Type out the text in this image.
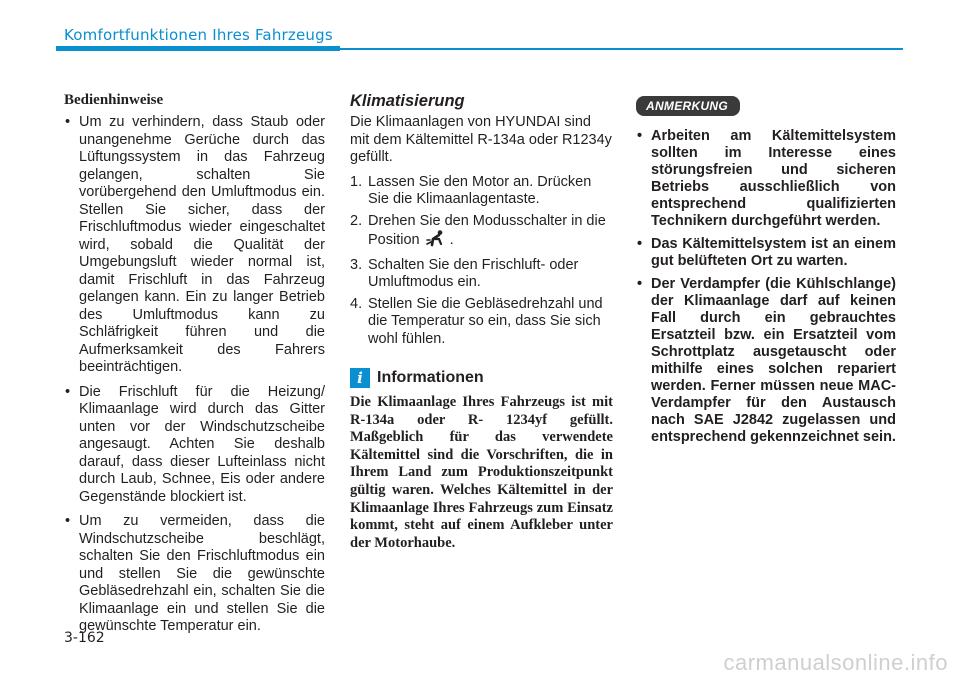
Komfortfunktionen Ihres Fahrzeugs
Bedienhinweise
• Um zu verhindern, dass Staub oder unangenehme Gerüche durch das Lüftungssystem in das Fahrzeug gelangen, schalten Sie vorübergehend den Umluftmodus ein. Stellen Sie sicher, dass der Frischluftmodus wieder eingeschaltet wird, sobald die Qualität der Umgebungsluft wieder normal ist, damit Frischluft in das Fahrzeug gelangen kann. Ein zu langer Betrieb des Umluftmodus kann zu Schläfrigkeit führen und die Aufmerksamkeit des Fahrers beeinträchtigen.
• Die Frischluft für die Heizung/ Klimaanlage wird durch das Gitter unten vor der Windschutzscheibe angesaugt. Achten Sie deshalb darauf, dass dieser Lufteinlass nicht durch Laub, Schnee, Eis oder andere Gegenstände blockiert ist.
• Um zu vermeiden, dass die Windschutzscheibe beschlägt, schalten Sie den Frischluftmodus ein und stellen Sie die gewünschte Gebläsedrehzahl ein, schalten Sie die Klimaanlage ein und stellen Sie die gewünschte Temperatur ein.
Klimatisierung

Die Klimaanlagen von HYUNDAI sind mit dem Kältemittel R-134a oder R1234y gefüllt.

1. Lassen Sie den Motor an. Drücken Sie die Klimaanlagentaste.
2. Drehen Sie den Modusschalter in die Position .
3. Schalten Sie den Frischluft- oder Umluftmodus ein.
4. Stellen Sie die Gebläsedrehzahl und die Temperatur so ein, dass Sie sich wohl fühlen.
i Informationen

Die Klimaanlage Ihres Fahrzeugs ist mit R-134a oder R- 1234yf gefüllt. Maßgeblich für das verwendete Kältemittel sind die Vorschriften, die in Ihrem Land zum Produktionszeitpunkt gültig waren. Welches Kältemittel in der Klimaanlage Ihres Fahrzeugs zum Einsatz kommt, steht auf einem Aufkleber unter der Motorhaube.

ANMERKUNG
• Arbeiten am Kältemittelsystem sollten im Interesse eines störungsfreien und sicheren Betriebs ausschließlich von entsprechend qualifizierten Technikern durchgeführt werden.
• Das Kältemittelsystem ist an einem gut belüfteten Ort zu warten.
• Der Verdampfer (die Kühlschlange) der Klimaanlage darf auf keinen Fall durch ein gebrauchtes Ersatzteil bzw. ein Ersatzteil vom Schrottplatz ausgetauscht oder mithilfe eines solchen repariert werden. Ferner müssen neue MAC-Verdampfer für den Austausch nach SAE J2842 zugelassen und entsprechend gekennzeichnet sein.
3-162
carmanualsonline.info
